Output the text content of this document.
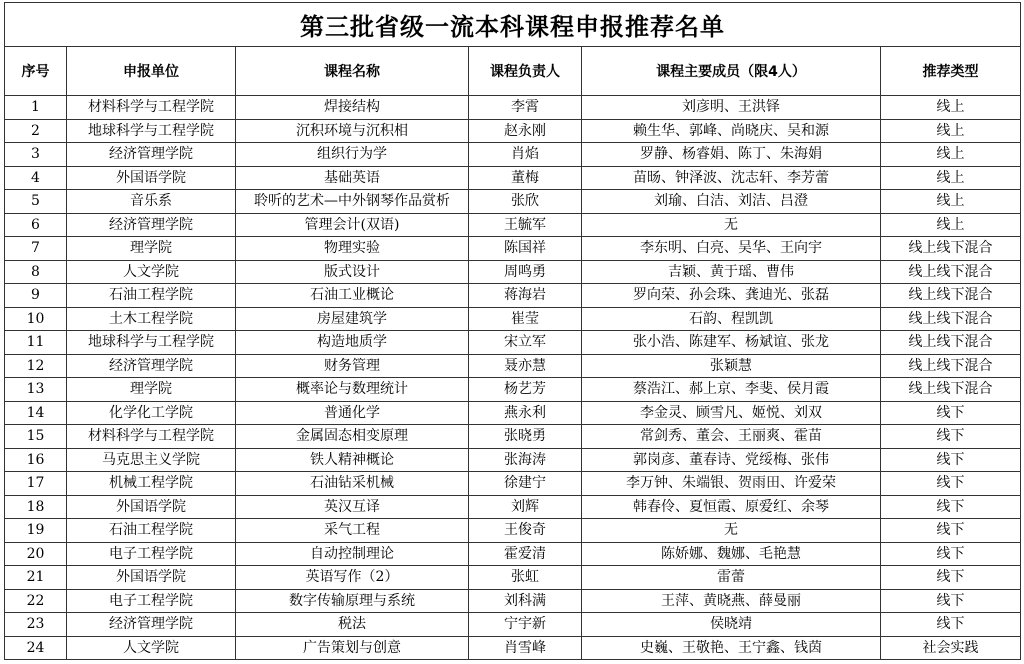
第三批省级一流本科课程申报推荐名单					
序号	申报单位	课程名称	课程负责人	课程主要成员（限4人）	推荐类型
1	材料科学与工程学院	焊接结构	李霄	刘彦明、王洪铎	线上
2	地球科学与工程学院	沉积环境与沉积相	赵永刚	赖生华、郭峰、尚晓庆、吴和源	线上
3	经济管理学院	组织行为学	肖焰	罗静、杨睿娟、陈丁、朱海娟	线上
4	外国语学院	基础英语	董梅	苗旸、钟泽波、沈志轩、李芳蕾	线上
5	音乐系	聆听的艺术—中外钢琴作品赏析	张欣	刘瑜、白洁、刘洁、吕澄	线上
6	经济管理学院	管理会计(双语)	王毓军	无	线上
7	理学院	物理实验	陈国祥	李东明、白亮、吴华、王向宇	线上线下混合
8	人文学院	版式设计	周鸣勇	吉颖、黄于瑶、曹伟	线上线下混合
9	石油工程学院	石油工业概论	蒋海岩	罗向荣、孙会珠、龚迪光、张磊	线上线下混合
10	土木工程学院	房屋建筑学	崔莹	石韵、程凯凯	线上线下混合
11	地球科学与工程学院	构造地质学	宋立军	张小浩、陈建军、杨斌谊、张龙	线上线下混合
12	经济管理学院	财务管理	聂亦慧	张颖慧	线上线下混合
13	理学院	概率论与数理统计	杨艺芳	蔡浩江、郝上京、李斐、侯月霞	线上线下混合
14	化学化工学院	普通化学	燕永利	李金灵、顾雪凡、姬悦、刘双	线下
15	材料科学与工程学院	金属固态相变原理	张晓勇	常剑秀、董会、王丽爽、霍苗	线下
16	马克思主义学院	铁人精神概论	张海涛	郭岗彦、董春诗、党绥梅、张伟	线下
17	机械工程学院	石油钻采机械	徐建宁	李万钟、朱端银、贺雨田、许爱荣	线下
18	外国语学院	英汉互译	刘辉	韩春伶、夏恒霞、原爱红、余琴	线下
19	石油工程学院	采气工程	王俊奇	无	线下
20	电子工程学院	自动控制理论	霍爱清	陈娇娜、魏娜、毛艳慧	线下
21	外国语学院	英语写作（2）	张虹	雷蕾	线下
22	电子工程学院	数字传输原理与系统	刘科满	王萍、黄晓燕、薛曼丽	线下
23	经济管理学院	税法	宁宇新	侯晓靖	线下
24	人文学院	广告策划与创意	肖雪峰	史巍、王敬艳、王宁鑫、钱茵	社会实践
